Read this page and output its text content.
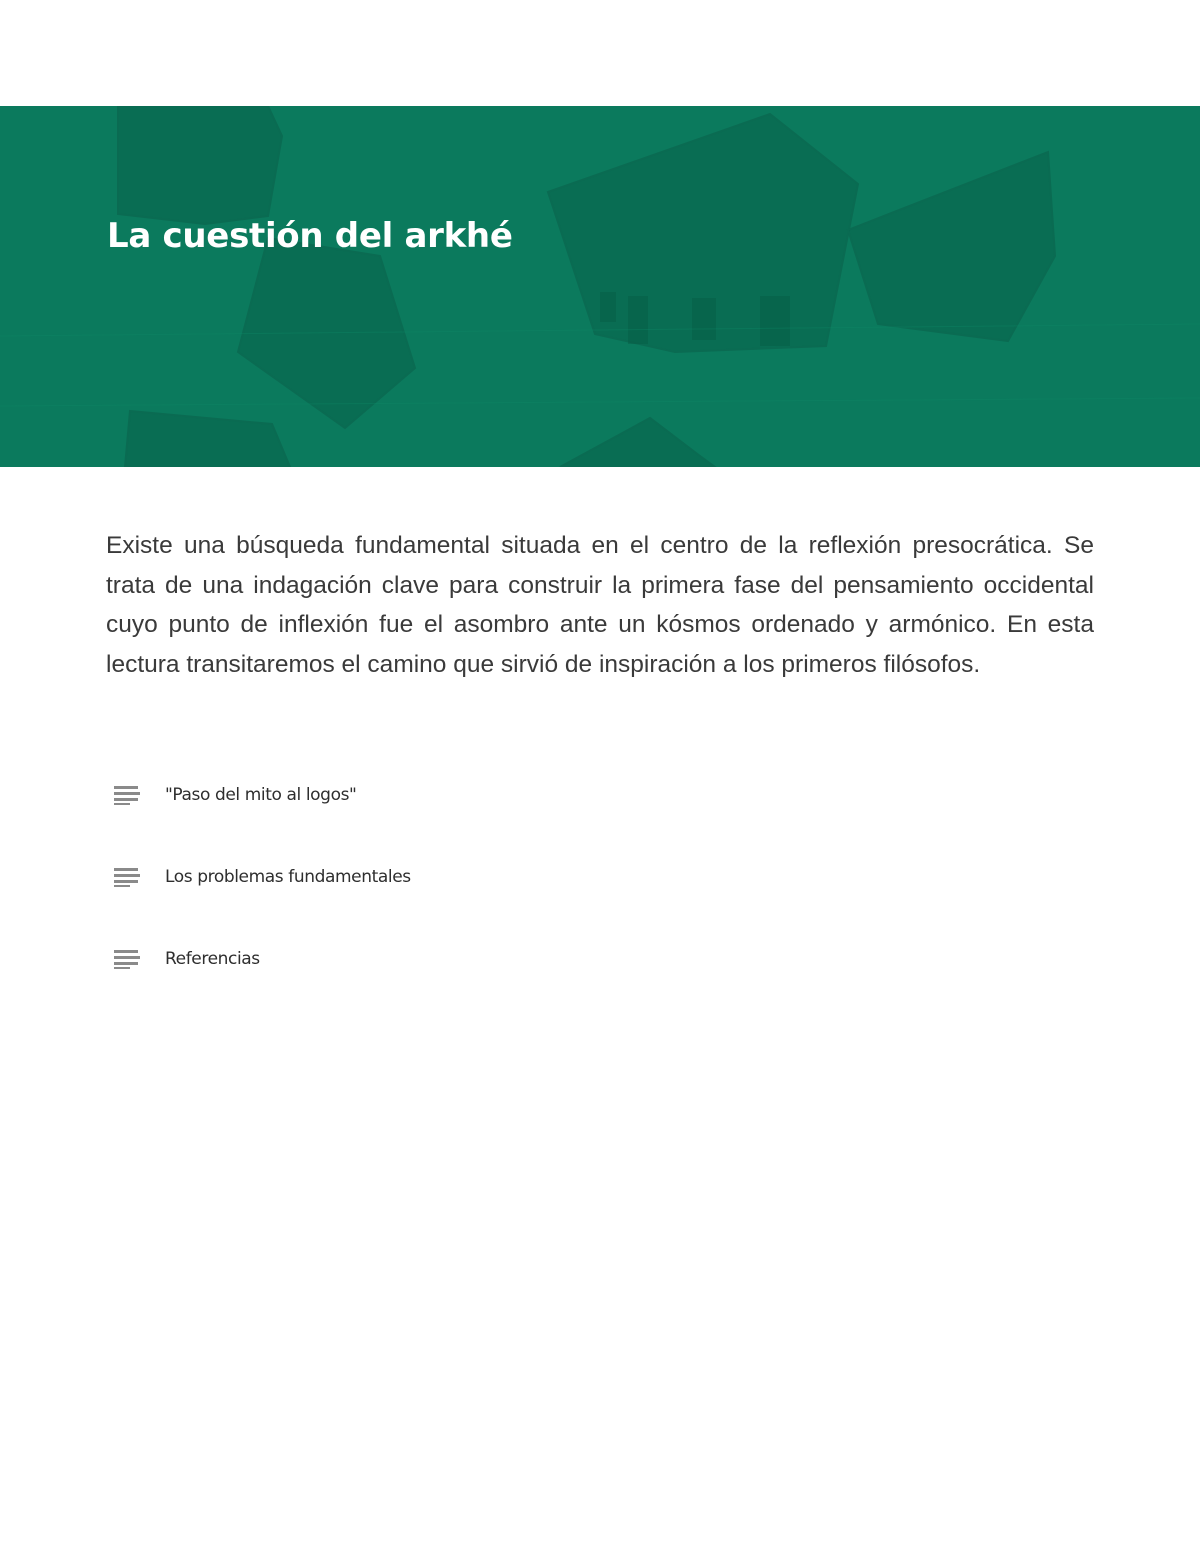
La cuestión del arkhé

Existe una búsqueda fundamental situada en el centro de la reflexión presocrática. Se trata de una indagación clave para construir la primera fase del pensamiento occidental cuyo punto de inflexión fue el asombro ante un kósmos ordenado y armónico. En esta lectura transitaremos el camino que sirvió de inspiración a los primeros filósofos.

"Paso del mito al logos"
Los problemas fundamentales
Referencias
